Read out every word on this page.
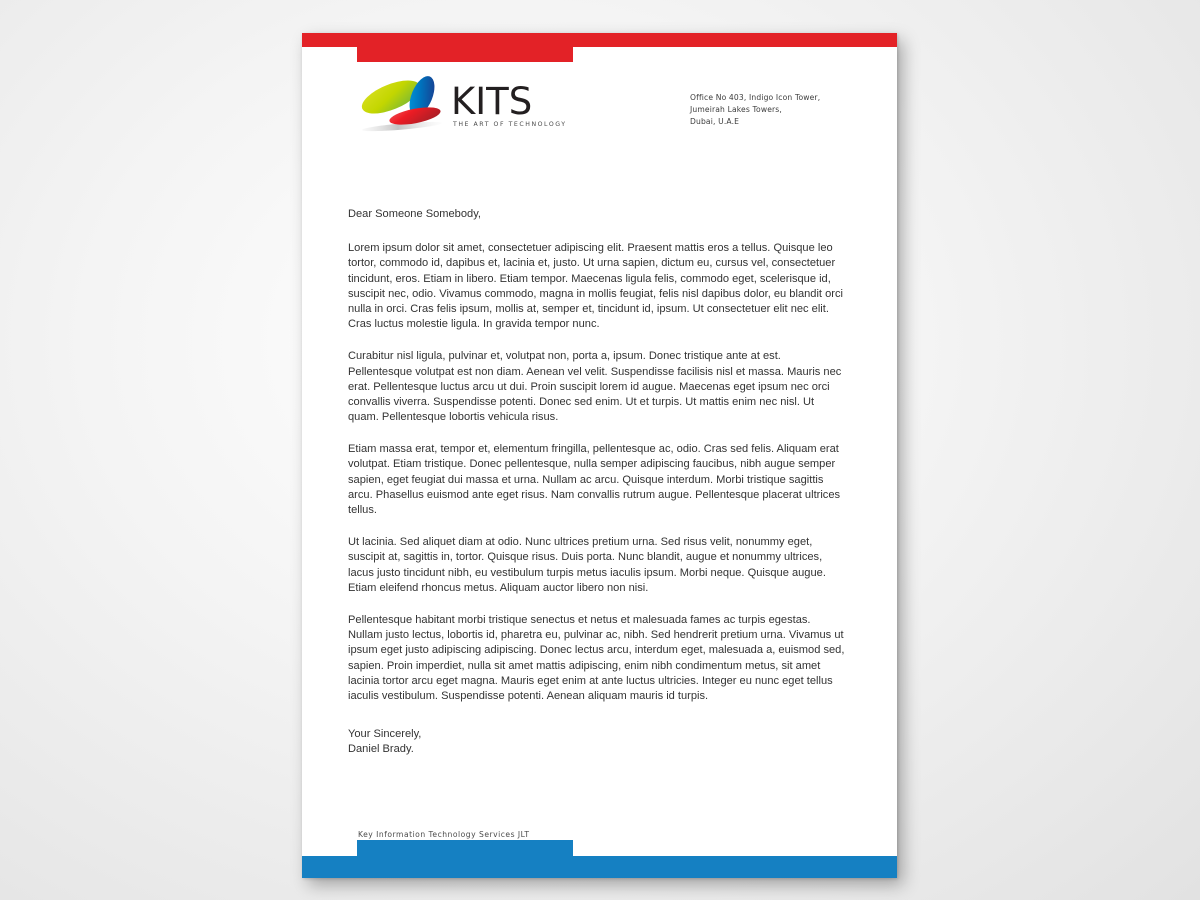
KITS
THE ART OF TECHNOLOGY
Office No 403, Indigo Icon Tower,
Jumeirah Lakes Towers,
Dubai, U.A.E

Dear Someone Somebody,

Lorem ipsum dolor sit amet, consectetuer adipiscing elit. Praesent mattis eros a tellus. Quisque leo tortor, commodo id, dapibus et, lacinia et, justo. Ut urna sapien, dictum eu, cursus vel, consectetuer tincidunt, eros. Etiam in libero. Etiam tempor. Maecenas ligula felis, commodo eget, scelerisque id, suscipit nec, odio. Vivamus commodo, magna in mollis feugiat, felis nisl dapibus dolor, eu blandit orci nulla in orci. Cras felis ipsum, mollis at, semper et, tincidunt id, ipsum. Ut consectetuer elit nec elit. Cras luctus molestie ligula. In gravida tempor nunc.

Curabitur nisl ligula, pulvinar et, volutpat non, porta a, ipsum. Donec tristique ante at est. Pellentesque volutpat est non diam. Aenean vel velit. Suspendisse facilisis nisl et massa. Mauris nec erat. Pellentesque luctus arcu ut dui. Proin suscipit lorem id augue. Maecenas eget ipsum nec orci convallis viverra. Suspendisse potenti. Donec sed enim. Ut et turpis. Ut mattis enim nec nisl. Ut quam. Pellentesque lobortis vehicula risus.

Etiam massa erat, tempor et, elementum fringilla, pellentesque ac, odio. Cras sed felis. Aliquam erat volutpat. Etiam tristique. Donec pellentesque, nulla semper adipiscing faucibus, nibh augue semper sapien, eget feugiat dui massa et urna. Nullam ac arcu. Quisque interdum. Morbi tristique sagittis arcu. Phasellus euismod ante eget risus. Nam convallis rutrum augue. Pellentesque placerat ultrices tellus.

Ut lacinia. Sed aliquet diam at odio. Nunc ultrices pretium urna. Sed risus velit, nonummy eget, suscipit at, sagittis in, tortor. Quisque risus. Duis porta. Nunc blandit, augue et nonummy ultrices, lacus justo tincidunt nibh, eu vestibulum turpis metus iaculis ipsum. Morbi neque. Quisque augue. Etiam eleifend rhoncus metus. Aliquam auctor libero non nisi.

Pellentesque habitant morbi tristique senectus et netus et malesuada fames ac turpis egestas. Nullam justo lectus, lobortis id, pharetra eu, pulvinar ac, nibh. Sed hendrerit pretium urna. Vivamus ut ipsum eget justo adipiscing adipiscing. Donec lectus arcu, interdum eget, malesuada a, euismod sed, sapien. Proin imperdiet, nulla sit amet mattis adipiscing, enim nibh condimentum metus, sit amet lacinia tortor arcu eget magna. Mauris eget enim at ante luctus ultricies. Integer eu nunc eget tellus iaculis vestibulum. Suspendisse potenti. Aenean aliquam mauris id turpis.

Your Sincerely,
Daniel Brady.
Key Information Technology Services JLT
